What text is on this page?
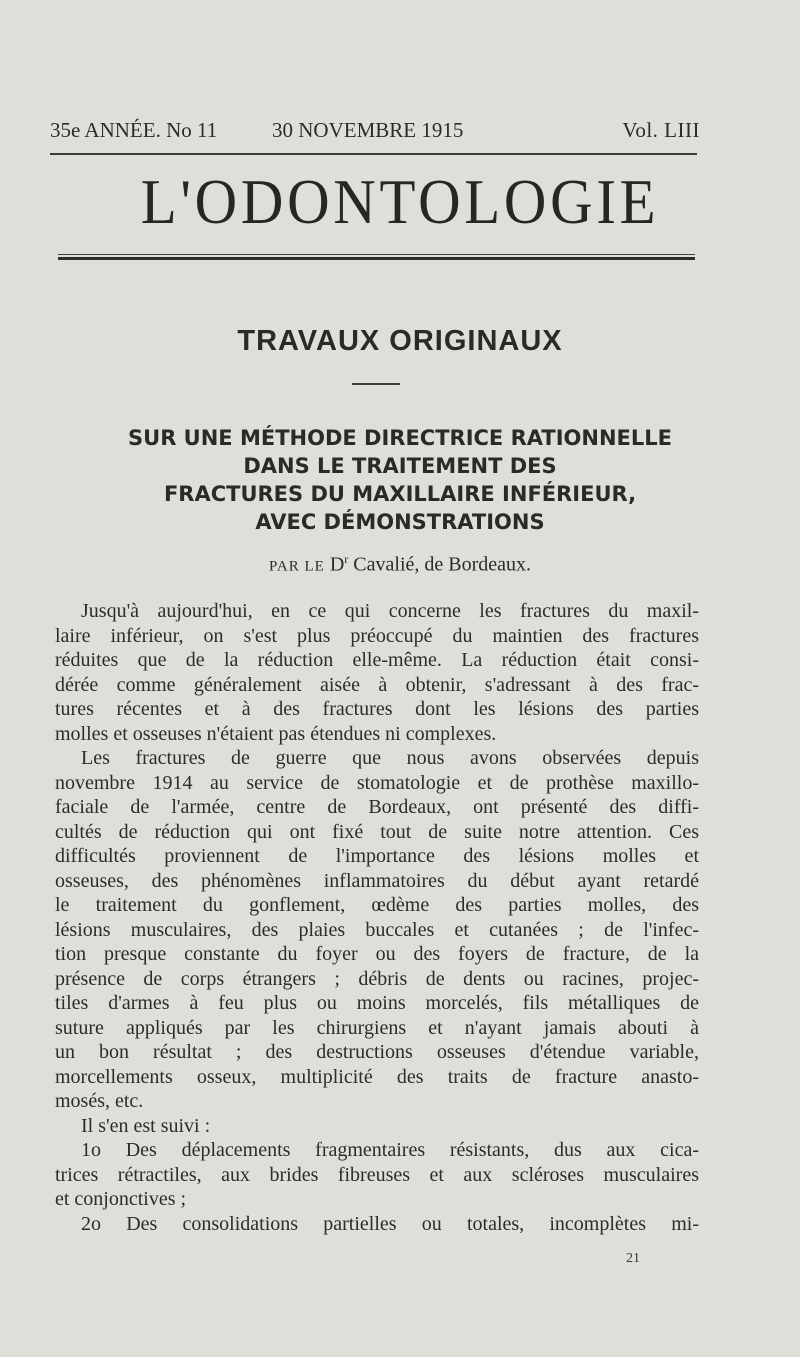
35e ANNÉE. No 11	30 NOVEMBRE 1915	Vol. LIII
L'ODONTOLOGIE
TRAVAUX ORIGINAUX
SUR UNE MÉTHODE DIRECTRICE RATIONNELLE
DANS LE TRAITEMENT DES
FRACTURES DU MAXILLAIRE INFÉRIEUR,
AVEC DÉMONSTRATIONS
PAR LE $D^r$ Cavalié, de Bordeaux.

Jusqu'à aujourd'hui, en ce qui concerne les fractures du maxil-

laire inférieur, on s'est plus préoccupé du maintien des fractures

réduites que de la réduction elle-même. La réduction était consi-

dérée comme généralement aisée à obtenir, s'adressant à des frac-

tures récentes et à des fractures dont les lésions des parties

molles et osseuses n'étaient pas étendues ni complexes.

Les fractures de guerre que nous avons observées depuis

novembre 1914 au service de stomatologie et de prothèse maxillo-

faciale de l'armée, centre de Bordeaux, ont présenté des diffi-

cultés de réduction qui ont fixé tout de suite notre attention. Ces

difficultés proviennent de l'importance des lésions molles et

osseuses, des phénomènes inflammatoires du début ayant retardé

le traitement du gonflement, œdème des parties molles, des

lésions musculaires, des plaies buccales et cutanées ; de l'infec-

tion presque constante du foyer ou des foyers de fracture, de la

présence de corps étrangers ; débris de dents ou racines, projec-

tiles d'armes à feu plus ou moins morcelés, fils métalliques de

suture appliqués par les chirurgiens et n'ayant jamais abouti à

un bon résultat ; des destructions osseuses d'étendue variable,

morcellements osseux, multiplicité des traits de fracture anasto-

mosés, etc.

Il s'en est suivi :

1o Des déplacements fragmentaires résistants, dus aux cica-

trices rétractiles, aux brides fibreuses et aux scléroses musculaires

et conjonctives ;

2o Des consolidations partielles ou totales, incomplètes mi-

21
